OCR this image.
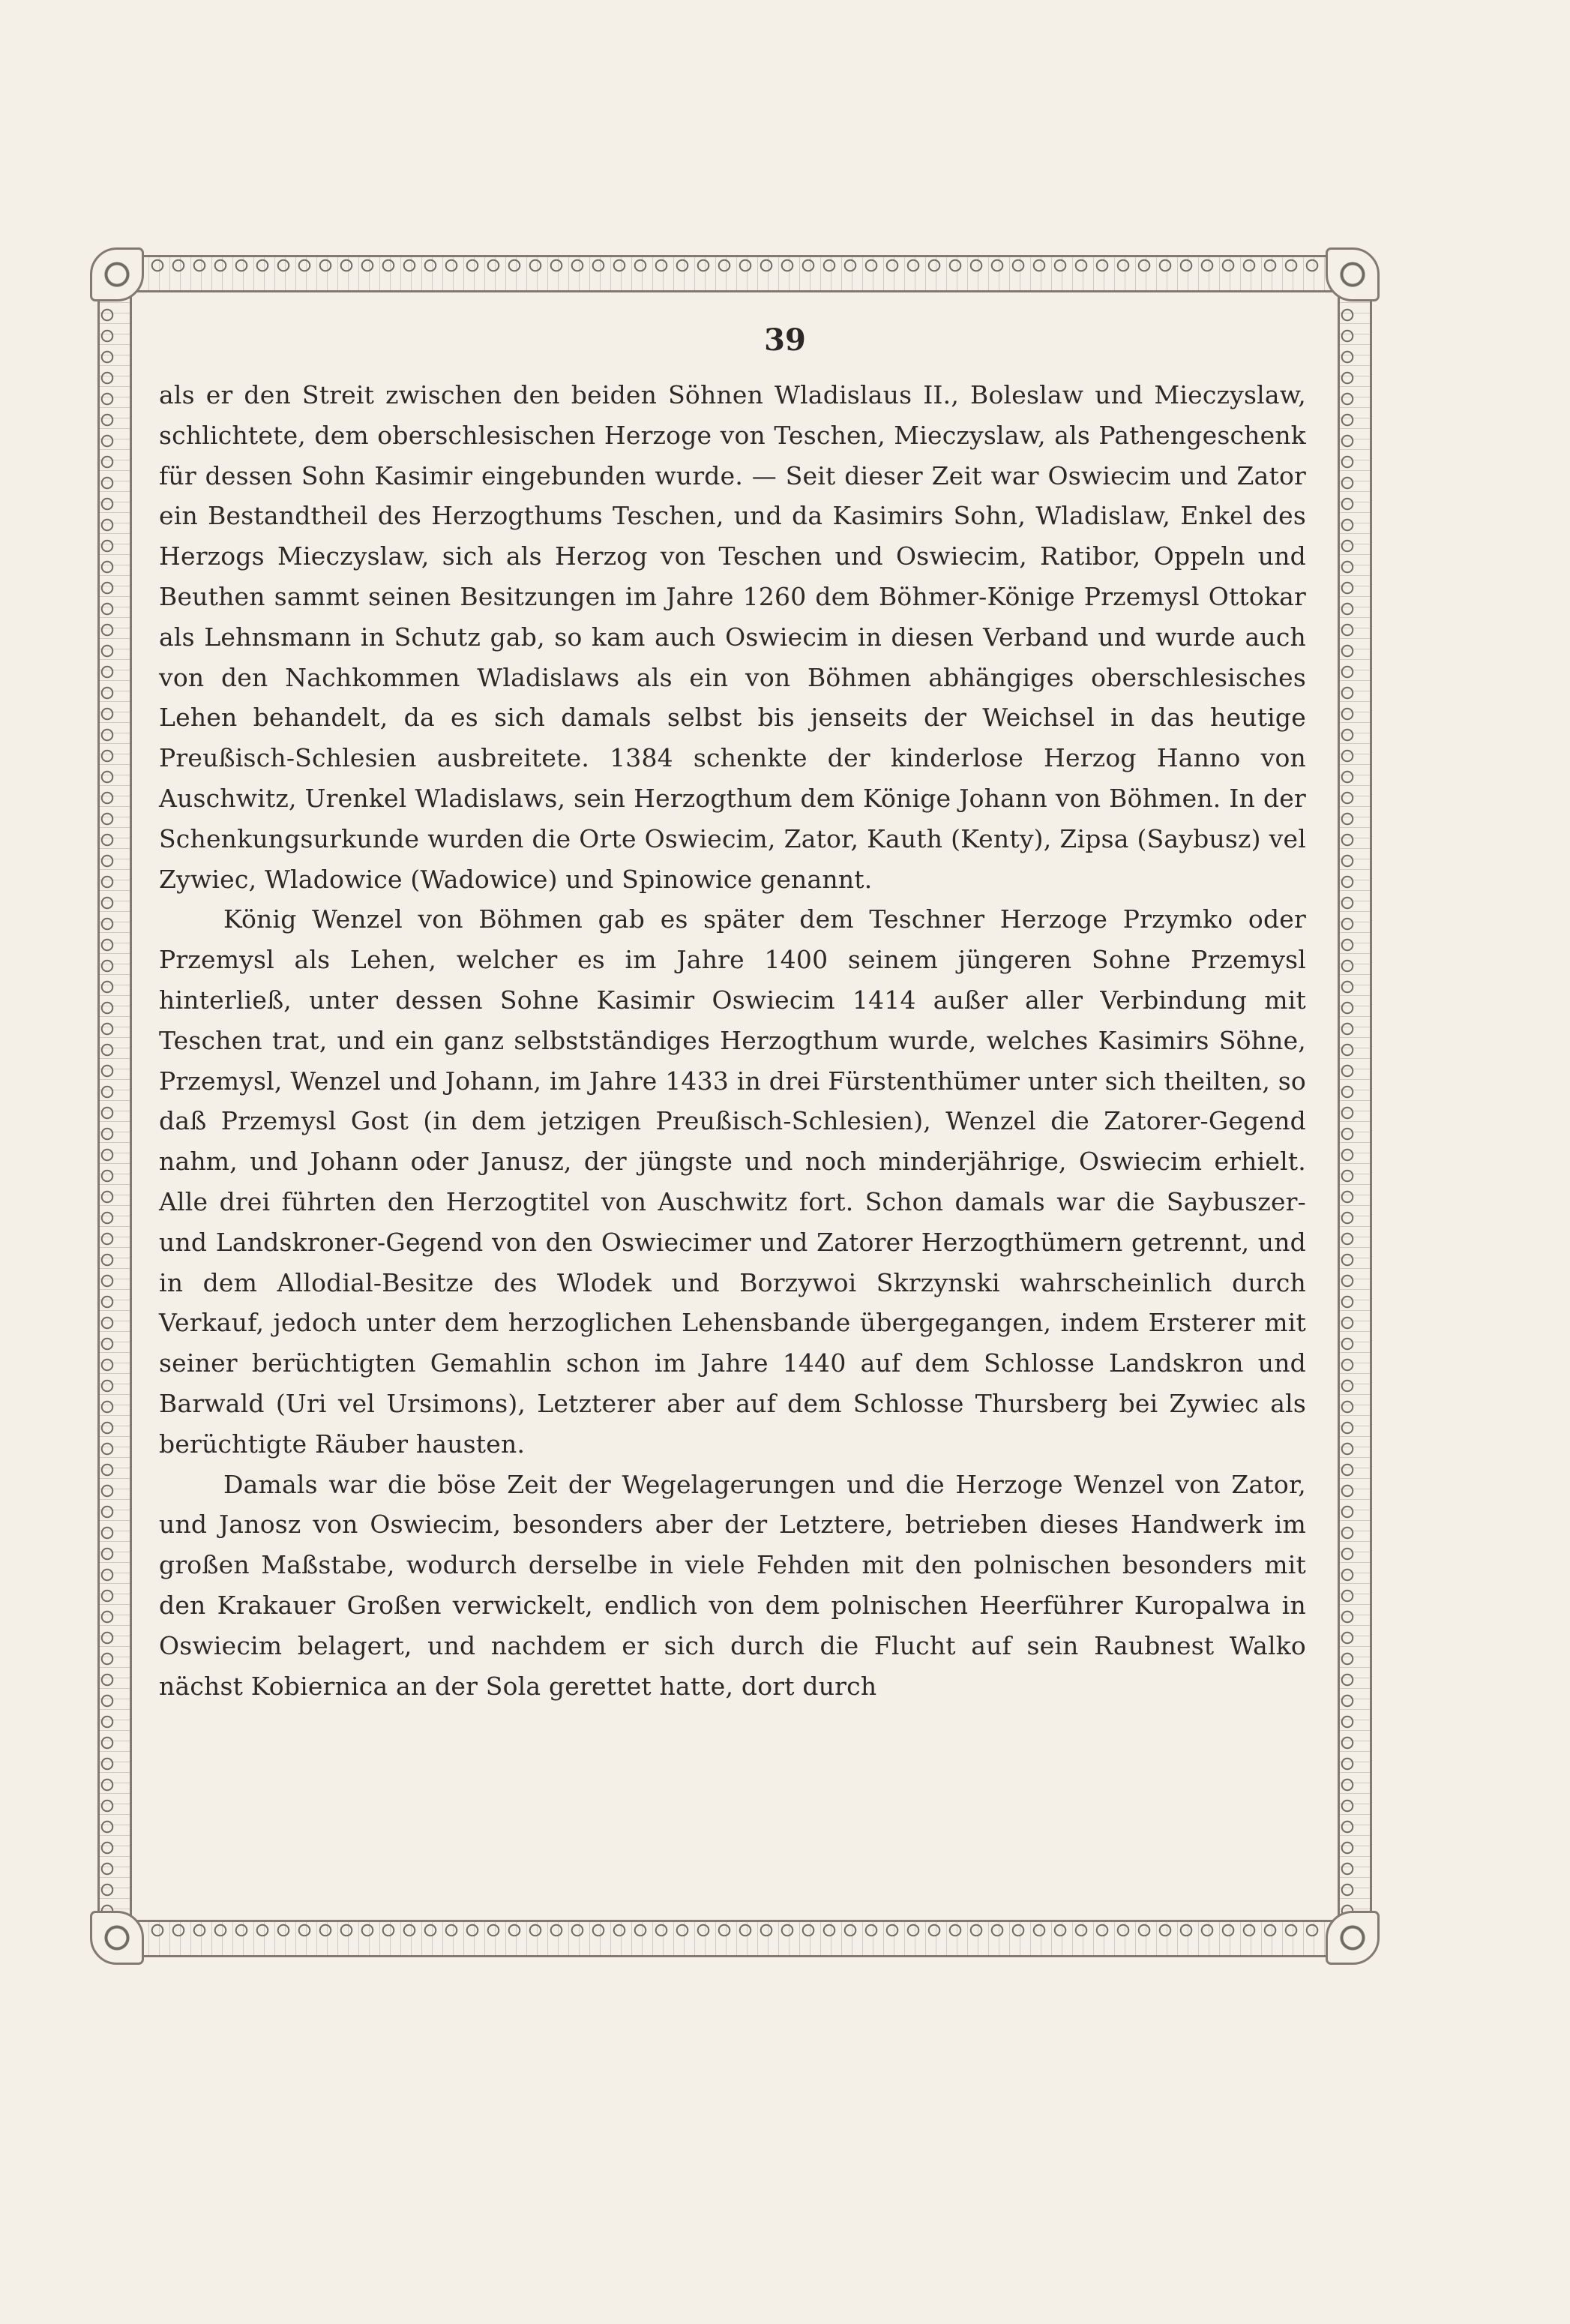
39

als er den Streit zwischen den beiden Söhnen Wladislaus II., Boleslaw und Mieczyslaw, schlichtete, dem oberschlesischen Herzoge von Teschen, Mieczyslaw, als Pathengeschenk für dessen Sohn Kasimir eingebunden wurde. — Seit dieser Zeit war Oswiecim und Zator ein Bestandtheil des Herzogthums Teschen, und da Kasimirs Sohn, Wladislaw, Enkel des Herzogs Mieczyslaw, sich als Herzog von Teschen und Oswiecim, Ratibor, Oppeln und Beuthen sammt seinen Besitzungen im Jahre 1260 dem Böhmer-Könige Przemysl Ottokar als Lehnsmann in Schutz gab, so kam auch Oswiecim in diesen Verband und wurde auch von den Nachkommen Wladislaws als ein von Böhmen abhängiges oberschlesisches Lehen behandelt, da es sich damals selbst bis jenseits der Weichsel in das heutige Preußisch-Schlesien ausbreitete. 1384 schenkte der kinderlose Herzog Hanno von Auschwitz, Urenkel Wladislaws, sein Herzogthum dem Könige Johann von Böhmen. In der Schenkungsurkunde wurden die Orte Oswiecim, Zator, Kauth (Kenty), Zipsa (Saybusz) vel Zywiec, Wladowice (Wadowice) und Spinowice genannt.

König Wenzel von Böhmen gab es später dem Teschner Herzoge Przymko oder Przemysl als Lehen, welcher es im Jahre 1400 seinem jüngeren Sohne Przemysl hinterließ, unter dessen Sohne Kasimir Oswiecim 1414 außer aller Verbindung mit Teschen trat, und ein ganz selbstständiges Herzogthum wurde, welches Kasimirs Söhne, Przemysl, Wenzel und Johann, im Jahre 1433 in drei Fürstenthümer unter sich theilten, so daß Przemysl Gost (in dem jetzigen Preußisch-Schlesien), Wenzel die Zatorer-Gegend nahm, und Johann oder Janusz, der jüngste und noch minderjährige, Oswiecim erhielt. Alle drei führten den Herzogtitel von Auschwitz fort. Schon damals war die Saybuszer- und Landskroner-Gegend von den Oswiecimer und Zatorer Herzogthümern getrennt, und in dem Allodial-Besitze des Wlodek und Borzywoi Skrzynski wahrscheinlich durch Verkauf, jedoch unter dem herzoglichen Lehensbande übergegangen, indem Ersterer mit seiner berüchtigten Gemahlin schon im Jahre 1440 auf dem Schlosse Landskron und Barwald (Uri vel Ursimons), Letzterer aber auf dem Schlosse Thursberg bei Zywiec als berüchtigte Räuber hausten.

Damals war die böse Zeit der Wegelagerungen und die Herzoge Wenzel von Zator, und Janosz von Oswiecim, besonders aber der Letztere, betrieben dieses Handwerk im großen Maßstabe, wodurch derselbe in viele Fehden mit den polnischen besonders mit den Krakauer Großen verwickelt, endlich von dem polnischen Heerführer Kuropalwa in Oswiecim belagert, und nachdem er sich durch die Flucht auf sein Raubnest Walko nächst Kobiernica an der Sola gerettet hatte, dort durch
